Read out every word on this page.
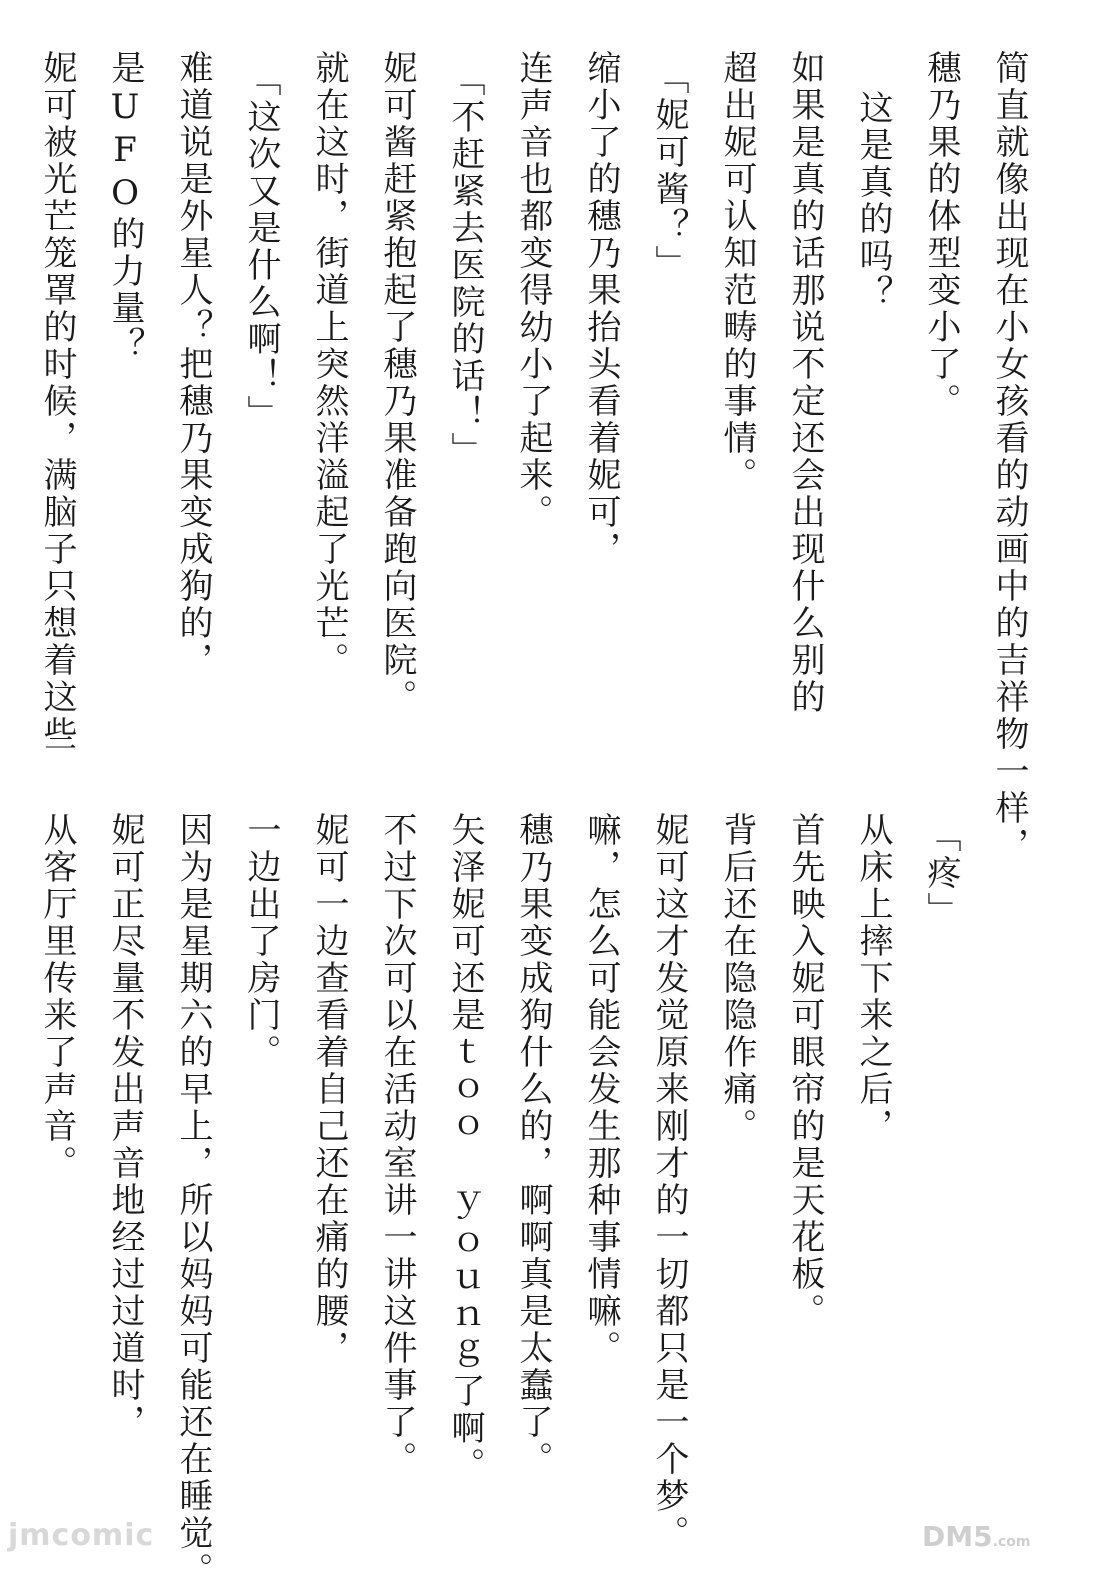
简直就像出现在小女孩看的动画中的吉祥物一样，
穗乃果的体型变小了。
这是真的吗？
如果是真的话那说不定还会出现什么别的
超出妮可认知范畴的事情。
「妮可酱？」
缩小了的穗乃果抬头看着妮可，
连声音也都变得幼小了起来。
「不赶紧去医院的话！」
妮可酱赶紧抱起了穗乃果准备跑向医院。
就在这时，街道上突然洋溢起了光芒。
「这次又是什么啊！」
难道说是外星人？把穗乃果变成狗的，
是UFO的力量？
妮可被光芒笼罩的时候，满脑子只想着这些
「疼」
从床上摔下来之后，
首先映入妮可眼帘的是天花板。
背后还在隐隐作痛。
妮可这才发觉原来刚才的一切都只是一个梦。
嘛，怎么可能会发生那种事情嘛。
穗乃果变成狗什么的，啊啊真是太蠢了。
矢泽妮可还是ｔｏｏ ｙｏｕｎｇ了啊。
不过下次可以在活动室讲一讲这件事了。
妮可一边查看着自己还在痛的腰，
一边出了房门。
因为是星期六的早上，所以妈妈可能还在睡觉。
妮可正尽量不发出声音地经过过道时，
从客厅里传来了声音。
jmcomic	DM5.com
